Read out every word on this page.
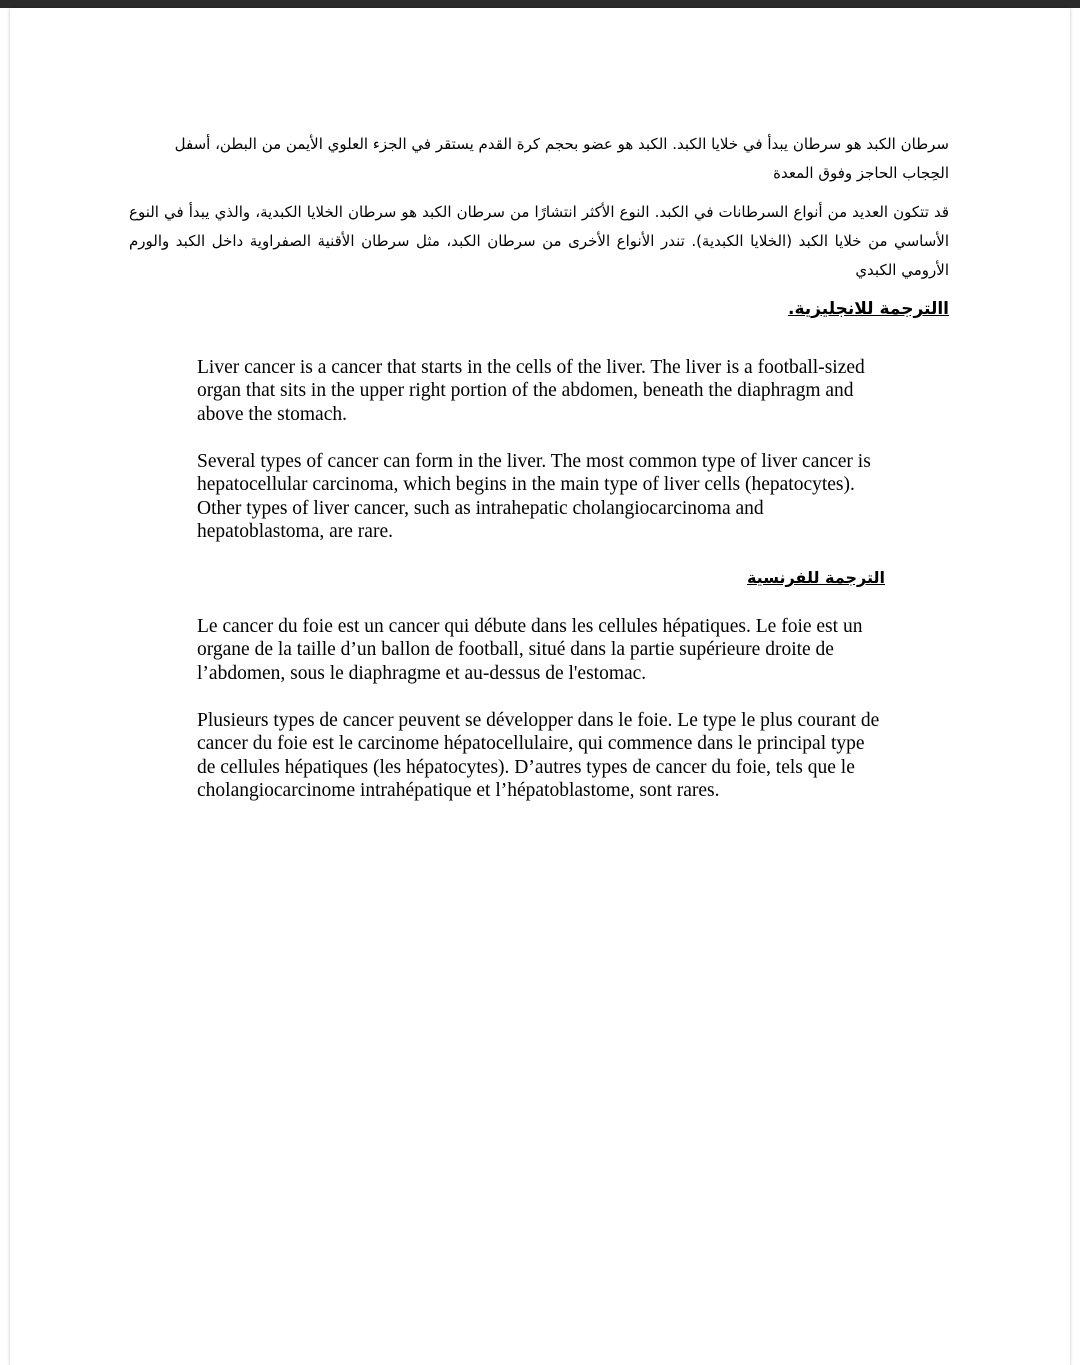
سرطان الكبد هو سرطان يبدأ في خلايا الكبد. الكبد هو عضو بحجم كرة القدم يستقر في الجزء العلوي الأيمن من البطن، أسفل الحِجاب الحاجز وفوق المعدة

قد تتكون العديد من أنواع السرطانات في الكبد. النوع الأكثر انتشارًا من سرطان الكبد هو سرطان الخلايا الكبدية، والذي يبدأ في النوع الأساسي من خلايا الكبد (الخلايا الكبدية). تندر الأنواع الأخرى من سرطان الكبد، مثل سرطان الأقنية الصفراوية داخل الكبد والورم الأرومي الكبدي

االترجمة للانجليزية.

Liver cancer is a cancer that starts in the cells of the liver. The liver is a football-sized organ that sits in the upper right portion of the abdomen, beneath the diaphragm and above the stomach.

Several types of cancer can form in the liver. The most common type of liver cancer is hepatocellular carcinoma, which begins in the main type of liver cells (hepatocytes). Other types of liver cancer, such as intrahepatic cholangiocarcinoma and hepatoblastoma, are rare.

الترجمة للفرنسية

Le cancer du foie est un cancer qui débute dans les cellules hépatiques. Le foie est un organe de la taille d’un ballon de football, situé dans la partie supérieure droite de l’abdomen, sous le diaphragme et au-dessus de l'estomac.

Plusieurs types de cancer peuvent se développer dans le foie. Le type le plus courant de cancer du foie est le carcinome hépatocellulaire, qui commence dans le principal type de cellules hépatiques (les hépatocytes). D’autres types de cancer du foie, tels que le cholangiocarcinome intrahépatique et l’hépatoblastome, sont rares.
